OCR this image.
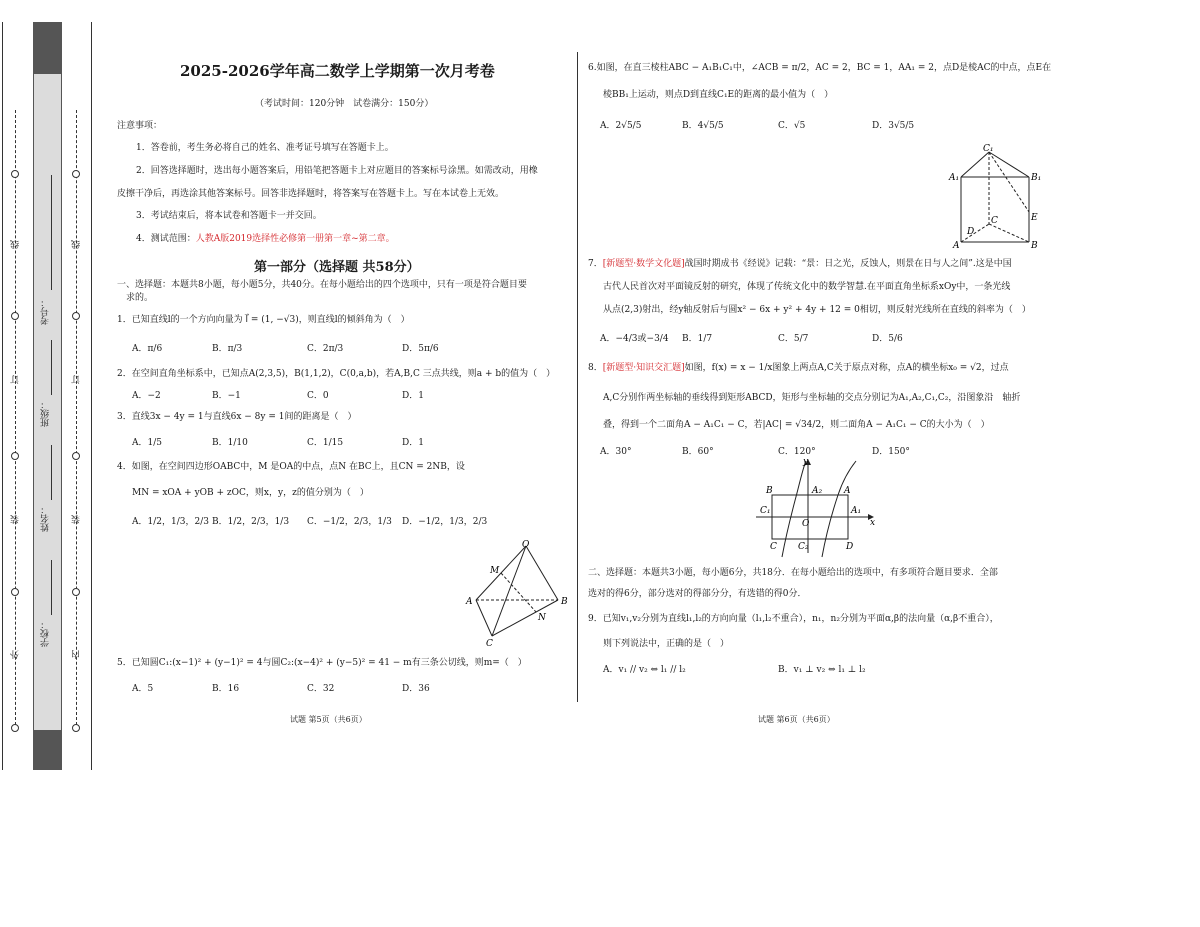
外
装
订
线
学校：
姓名：
班级：
考号：
内
装
订
线
2025-2026学年高二数学上学期第一次月考卷
（考试时间：120分钟　试卷满分：150分）
注意事项：
1．答卷前，考生务必将自己的姓名、准考证号填写在答题卡上。
2．回答选择题时，选出每小题答案后，用铅笔把答题卡上对应题目的答案标号涂黑。如需改动，用橡
皮擦干净后，再选涂其他答案标号。回答非选择题时，将答案写在答题卡上。写在本试卷上无效。
3．考试结束后，将本试卷和答题卡一并交回。
4．测试范围：人教A版2019选择性必修第一册第一章~第二章。
第一部分（选择题 共58分）
一、选择题：本题共8小题，每小题5分，共40分。在每小题给出的四个选项中，只有一项是符合题目要
求的。
1．已知直线l的一个方向向量为 l⃗ = (1, −√3)，则直线l的倾斜角为（　）
A．π/6	B．π/3	C．2π/3	D．5π/6
2．在空间直角坐标系中，已知点A(2,3,5)，B(1,1,2)，C(0,a,b)，若A,B,C 三点共线，则a + b的值为（　）
A．−2	B．−1	C．0	D．1
3．直线3x − 4y = 1与直线6x − 8y = 1间的距离是（　）
A．1/5	B．1/10	C．1/15	D．1
4．如图，在空间四边形OABC中，M 是OA的中点，点N 在BC上，且CN = 2NB，设
MN = xOA + yOB + zOC，则x，y，z的值分别为（　）
A．1/2，1/3，2/3 B．1/2，2/3，1/3 C．−1/2，2/3，1/3 D．−1/2，1/3，2/3
O
M
A	B
N
C
5．已知圆C₁:(x−1)² + (y−1)² = 4与圆C₂:(x−4)² + (y−5)² = 41 − m有三条公切线，则m=（　）
A．5	B．16	C．32	D．36
试题 第5页（共6页）
6.如图，在直三棱柱ABC − A₁B₁C₁中，∠ACB = π/2，AC = 2，BC = 1，AA₁ = 2，点D是棱AC的中点，点E在
棱BB₁上运动，则点D到直线C₁E的距离的最小值为（　）
A．2√5/5	B．4√5/5	C．√5	D．3√5/5
C₁
A₁	B₁
E
C
D
A	B
7．[新题型·数学文化题]战国时期成书《经说》记载：“景：日之光，反蚀人，则景在日与人之间”.这是中国
古代人民首次对平面镜反射的研究，体现了传统文化中的数学智慧.在平面直角坐标系xOy中，一条光线
从点(2,3)射出，经y轴反射后与圆x² − 6x + y² + 4y + 12 = 0相切，则反射光线所在直线的斜率为（　）
A．−4/3或−3/4 B．1/7	C．5/7	D．5/6
8．[新题型·知识交汇题]如图，f(x) = x − 1/x图象上两点A,C关于原点对称，点A的横坐标x₀ = √2，过点
A,C分别作两坐标轴的垂线得到矩形ABCD，矩形与坐标轴的交点分别记为A₁,A₂,C₁,C₂，沿图象沿　轴折
叠，得到一个二面角A − A₁C₁ − C，若|AC| = √34/2，则二面角A − A₁C₁ − C的大小为（　）
A．30°	B．60°	C．120°	D．150°
y
x
B	A₂ A
C₁
O
A₁
C C₂	D
二、选择题：本题共3小题，每小题6分，共18分．在每小题给出的选项中，有多项符合题目要求．全部
选对的得6分，部分选对的得部分分，有选错的得0分．
9．已知v₁,v₂分别为直线l₁,l₂的方向向量（l₁,l₂不重合），n₁，n₂分别为平面α,β的法向量（α,β不重合），
则下列说法中，正确的是（　）
A．v₁ // v₂ ⇔ l₁ // l₂	B．v₁ ⊥ v₂ ⇔ l₁ ⊥ l₂
试题 第6页（共6页）
